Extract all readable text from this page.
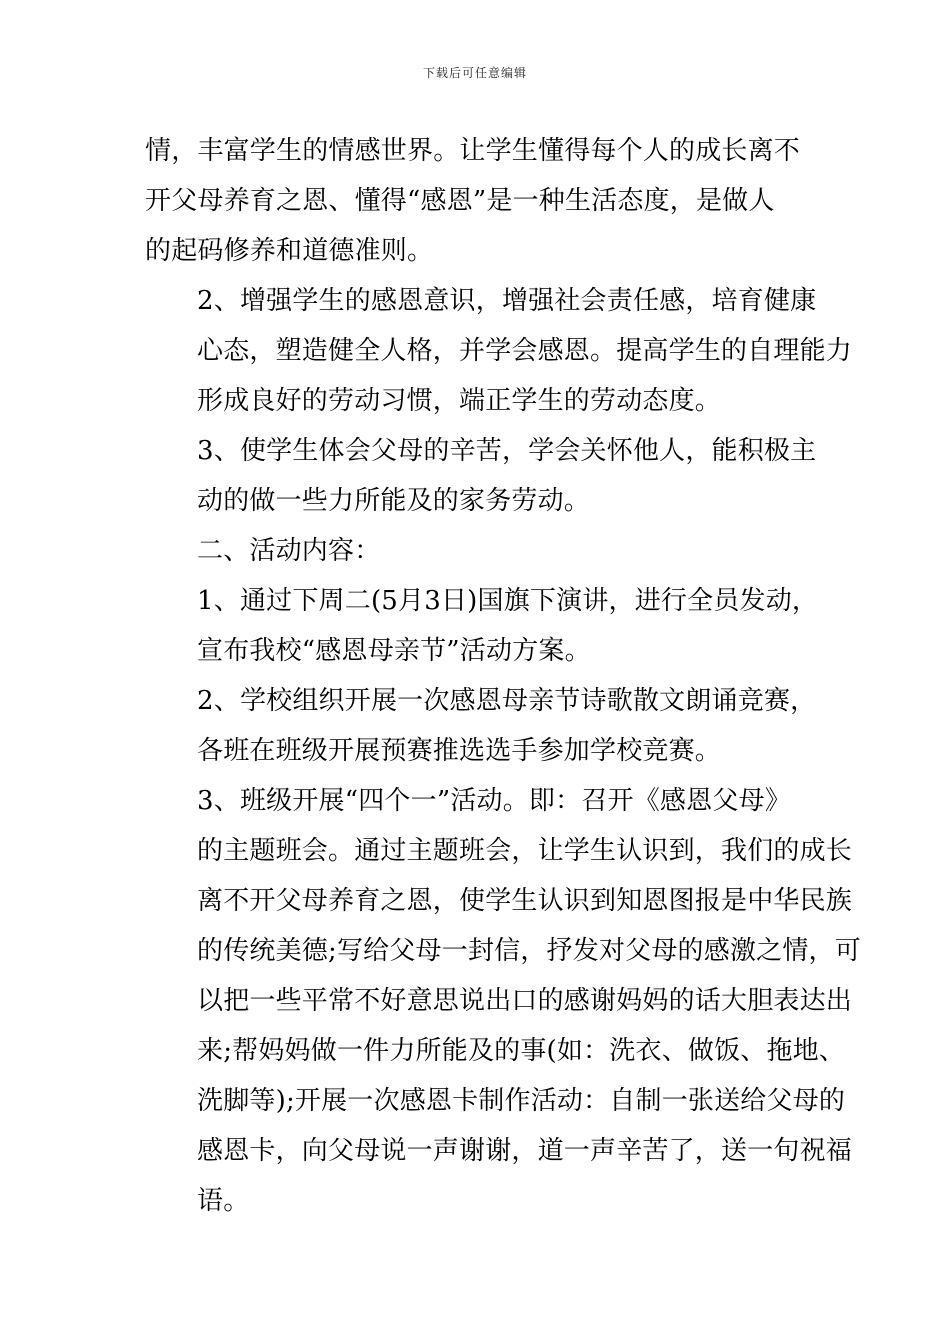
下载后可任意编辑

情，丰富学生的情感世界。让学生懂得每个人的成长离不
开父母养育之恩、懂得“感恩”是一种生活态度，是做人
的起码修养和道德准则。

2、增强学生的感恩意识，增强社会责任感，培育健康
心态，塑造健全人格，并学会感恩。提高学生的自理能力
形成良好的劳动习惯，端正学生的劳动态度。

3、使学生体会父母的辛苦，学会关怀他人，能积极主
动的做一些力所能及的家务劳动。

二、活动内容：

1、通过下周二(5月3日)国旗下演讲，进行全员发动，
宣布我校“感恩母亲节”活动方案。

2、学校组织开展一次感恩母亲节诗歌散文朗诵竞赛，
各班在班级开展预赛推选选手参加学校竞赛。

3、班级开展“四个一”活动。即：召开《感恩父母》
的主题班会。通过主题班会，让学生认识到，我们的成长
离不开父母养育之恩，使学生认识到知恩图报是中华民族
的传统美德;写给父母一封信，抒发对父母的感激之情，可
以把一些平常不好意思说出口的感谢妈妈的话大胆表达出
来;帮妈妈做一件力所能及的事(如：洗衣、做饭、拖地、
洗脚等);开展一次感恩卡制作活动：自制一张送给父母的
感恩卡，向父母说一声谢谢，道一声辛苦了，送一句祝福
语。
